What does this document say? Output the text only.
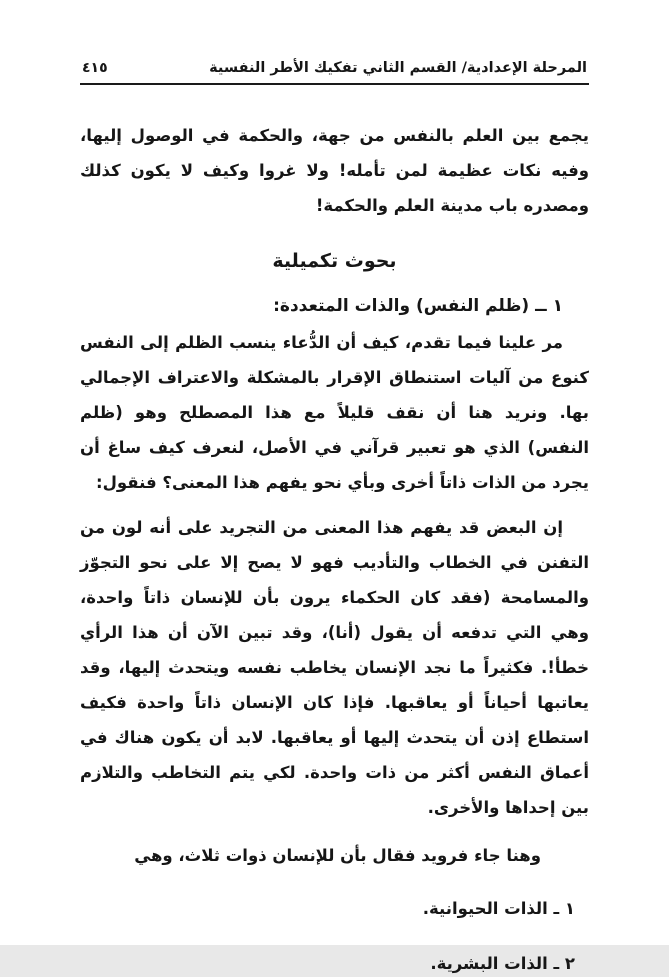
المرحلة الإعدادية/ القسم الثاني تفكيك الأطر النفسية
٤١٥

يجمع بين العلم بالنفس من جهة، والحكمة في الوصول إليها، وفيه نكات عظيمة لمن تأمله! ولا غروا وكيف لا يكون كذلك ومصدره باب مدينة العلم والحكمة!

بحوث تكميلية
١ ــ (ظلم النفس) والذات المتعددة:

مر علينا فيما تقدم، كيف أن الدُّعاء ينسب الظلم إلى النفس كنوع من آليات استنطاق الإقرار بالمشكلة والاعتراف الإجمالي بها. ونريد هنا أن نقف قليلاً مع هذا المصطلح وهو (ظلم النفس) الذي هو تعبير قرآني في الأصل، لنعرف كيف ساغ أن يجرد من الذات ذاتاً أخرى وبأي نحو يفهم هذا المعنى؟ فنقول:

إن البعض قد يفهم هذا المعنى من التجريد على أنه لون من التفنن في الخطاب والتأديب فهو لا يصح إلا على نحو التجوّز والمسامحة (فقد كان الحكماء يرون بأن للإنسان ذاتاً واحدة، وهي التي تدفعه أن يقول (أنا)، وقد تبين الآن أن هذا الرأي خطأ!. فكثيراً ما نجد الإنسان يخاطب نفسه ويتحدث إليها، وقد يعاتبها أحياناً أو يعاقبها. فإذا كان الإنسان ذاتاً واحدة فكيف استطاع إذن أن يتحدث إليها أو يعاقبها. لابد أن يكون هناك في أعماق النفس أكثر من ذات واحدة. لكي يتم التخاطب والتلازم بين إحداها والأخرى.

وهنا جاء فرويد فقال بأن للإنسان ذوات ثلاث، وهي
١ ـ الذات الحيوانية.
٢ ـ الذات البشرية.
